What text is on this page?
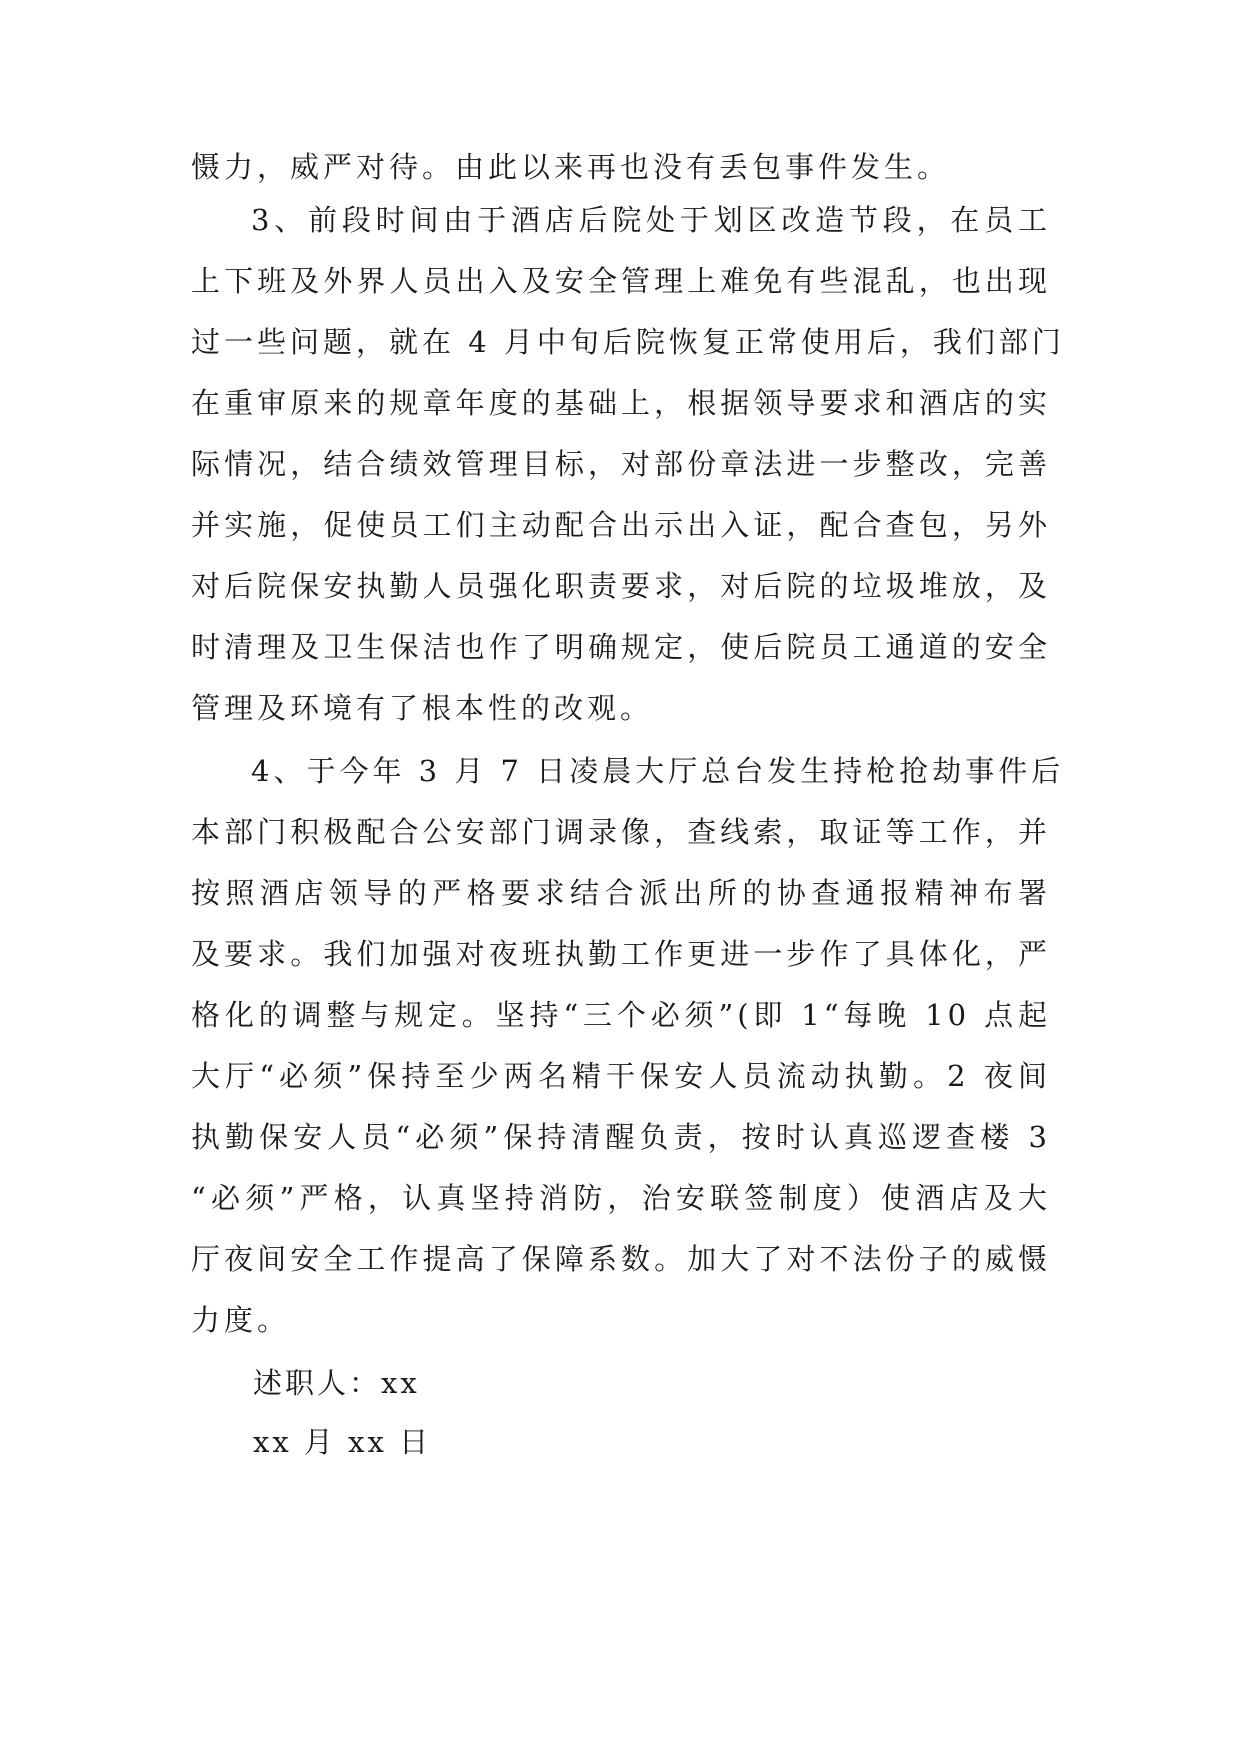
慑力，威严对待。由此以来再也没有丢包事件发生。
3、前段时间由于酒店后院处于划区改造节段，在员工
上下班及外界人员出入及安全管理上难免有些混乱，也出现
过一些问题，就在 4 月中旬后院恢复正常使用后，我们部门
在重审原来的规章年度的基础上，根据领导要求和酒店的实
际情况，结合绩效管理目标，对部份章法进一步整改，完善
并实施，促使员工们主动配合出示出入证，配合查包，另外
对后院保安执勤人员强化职责要求，对后院的垃圾堆放，及
时清理及卫生保洁也作了明确规定，使后院员工通道的安全
管理及环境有了根本性的改观。
4、于今年 3 月 7 日凌晨大厅总台发生持枪抢劫事件后
本部门积极配合公安部门调录像，查线索，取证等工作，并
按照酒店领导的严格要求结合派出所的协查通报精神布署
及要求。我们加强对夜班执勤工作更进一步作了具体化，严
格化的调整与规定。坚持“三个必须”(即 1“每晚 10 点起
大厅“必须”保持至少两名精干保安人员流动执勤。2 夜间
执勤保安人员“必须”保持清醒负责，按时认真巡逻查楼 3
“必须”严格，认真坚持消防，治安联签制度）使酒店及大
厅夜间安全工作提高了保障系数。加大了对不法份子的威慑
力度。
述职人：xx
xx 月 xx 日
